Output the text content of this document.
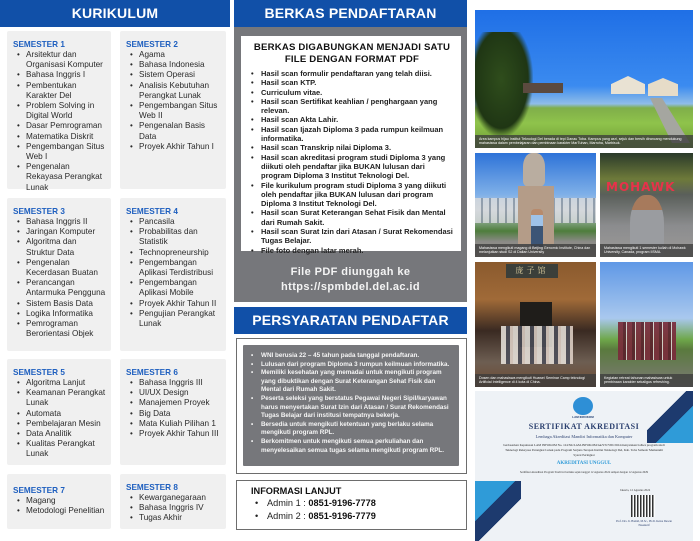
KURIKULUM
SEMESTER 1
• Arsitektur dan Organisasi Komputer
• Bahasa Inggris I
• Pembentukan Karakter Del
• Problem Solving in Digital World
• Dasar Pemrograman
• Matematika Diskrit
• Pengembangan Situs Web I
• Pengenalan Rekayasa Perangkat Lunak
SEMESTER 2
• Agama
• Bahasa Indonesia
• Sistem Operasi
• Analisis Kebutuhan Perangkat Lunak
• Pengembangan Situs Web II
• Pengenalan Basis Data
• Proyek Akhir Tahun I
SEMESTER 3
• Bahasa Inggris II
• Jaringan Komputer
• Algoritma dan Struktur Data
• Pengenalan Kecerdasan Buatan
• Perancangan Antarmuka Pengguna
• Sistem Basis Data
• Logika Informatika
• Pemrograman Berorientasi Objek
SEMESTER 4
• Pancasila
• Probabilitas dan Statistik
• Technopreneurship
• Pengembangan Aplikasi Terdistribusi
• Pengembangan Aplikasi Mobile
• Proyek Akhir Tahun II
• Pengujian Perangkat Lunak
SEMESTER 5
• Algoritma Lanjut
• Keamanan Perangkat Lunak
• Automata
• Pembelajaran Mesin
• Data Analitik
• Kualitas Perangkat Lunak
SEMESTER 6
• Bahasa Inggris III
• UI/UX Design
• Manajemen Proyek
• Big Data
• Mata Kuliah Pilihan 1
• Proyek Akhir Tahun III
SEMESTER 7
• Magang
• Metodologi Penelitian
SEMESTER 8
• Kewarganegaraan
• Bahasa Inggris IV
• Tugas Akhir
BERKAS PENDAFTARAN
BERKAS DIGABUNGKAN MENJADI SATU FILE DENGAN FORMAT PDF
• Hasil scan formulir pendaftaran yang telah diisi.
• Hasil scan KTP.
• Curriculum vitae.
• Hasil scan Sertifikat keahlian / penghargaan yang relevan.
• Hasil scan Akta Lahir.
• Hasil scan Ijazah Diploma 3 pada rumpun keilmuan informatika.
• Hasil scan Transkrip nilai Diploma 3.
• Hasil scan akreditasi program studi Diploma 3 yang diikuti oleh pendaftar jika BUKAN lulusan dari program Diploma 3 Institut Teknologi Del.
• File kurikulum program studi Diploma 3 yang diikuti oleh pendaftar jika BUKAN lulusan dari program Diploma 3 Institut Teknologi Del.
• Hasil scan Surat Keterangan Sehat Fisik dan Mental dari Rumah Sakit.
• Hasil scan Surat Izin dari Atasan / Surat Rekomendasi Tugas Belajar.
• File foto dengan latar merah.
File PDF diunggah ke
https://spmbdel.del.ac.id
PERSYARATAN PENDAFTAR
• WNI berusia 22 – 45 tahun pada tanggal pendaftaran.
• Lulusan dari program Diploma 3 rumpun keilmuan informatika.
• Memiliki kesehatan yang memadai untuk mengikuti program yang dibuktikan dengan Surat Keterangan Sehat Fisik dan Mental dari Rumah Sakit.
• Peserta seleksi yang berstatus Pegawai Negeri Sipil/karyawan harus menyertakan Surat Izin dari Atasan / Surat Rekomendasi Tugas Belajar dari institusi tempatnya bekerja.
• Bersedia untuk mengikuti ketentuan yang berlaku selama mengikuti program RPL.
• Berkomitmen untuk mengikuti semua perkuliahan dan menyelesaikan semua tugas selama mengikuti program RPL.
INFORMASI LANJUT
• Admin 1 : 0851-9196-7778
• Admin 2 : 0851-9196-7779
Area kampus hijau Institut Teknologi Del berada di tepi Danau Toba. Kampus yang asri, sejuk dan bersih dirancang mendukung mahasiswa dalam pembelajaran dan pembinaan karakter MarTuhan, Marroha, Marbisuk.
Mahasiswa mengikuti magang di Beijing Genomic Institute, China dan melanjutkan studi S2 di Dalian University
MOHAWK
Mahasiswa mengikuti 1 semester kuliah di Mohawk University, Canada, program IISMA.
庞子馆
Dosen dan mahasiswa mengikuti Huawei Seminar Camp teknologi Artificial Intelligence di 4 kota di China.
Kegiatan retreat tahunan mahasiswa untuk pembinaan karakter sekaligus refreshing.
LAM INFOKOM
SERTIFIKAT AKREDITASI
Lembaga Akreditasi Mandiri Informatika dan Komputer
berdasarkan Keputusan LAM INFOKOM No. 124/SK/LAM-INFOKOM/Ak/STr/VIII/2024 menyatakan bahwa program studi Teknologi Rekayasa Perangkat Lunak pada Program Sarjana Terapan Institut Teknologi Del, Kab. Toba Samosir Memenuhi Syarat Peringkat
AKREDITASI UNGGUL
Sertifikat Akreditasi Program Studi ini berlaku sejak tanggal 12 Agustus 2024 sampai dengan 12 Agustus 2029
Jakarta, 12 Agustus 2024
Prof. Drs. Ir. Hamid, M.Sc., Ph.D. Ketua Dewan Eksekutif
